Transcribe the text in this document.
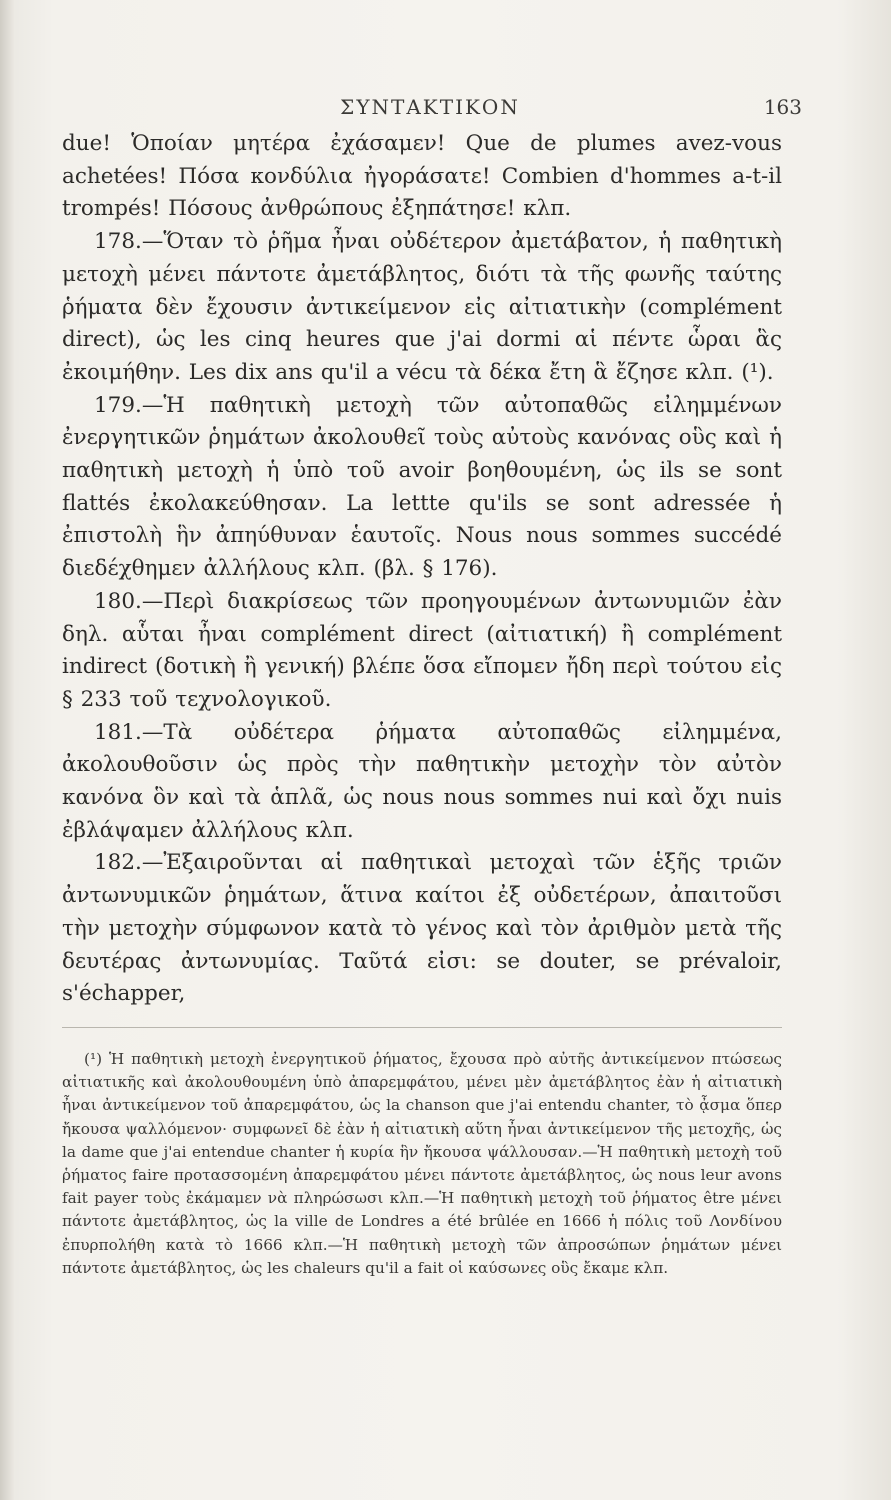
ΣΥΝΤΑΚΤΙΚΟΝ	163

due! Ὁποίαν μητέρα ἐχάσαμεν! Que de plumes avez-vous achetées! Πόσα κονδύλια ἠγοράσατε! Combien d'hommes a-t-il trompés! Πόσους ἀνθρώπους ἐξηπάτησε! κλπ.

178.—Ὅταν τὸ ῥῆμα ἦναι οὐδέτερον ἀμετάβατον, ἡ παθητικὴ μετοχὴ μένει πάντοτε ἀμετάβλητος, διότι τὰ τῆς φωνῆς ταύτης ῥήματα δὲν ἔχουσιν ἀντικείμενον εἰς αἰτιατικὴν (complément direct), ὡς les cinq heures que j'ai dormi αἱ πέντε ὧραι ἃς ἐκοιμήθην. Les dix ans qu'il a vécu τὰ δέκα ἔτη ἃ ἔζησε κλπ. (¹).

179.—Ἡ παθητικὴ μετοχὴ τῶν αὐτοπαθῶς εἰλημμένων ἐνεργητικῶν ῥημάτων ἀκολουθεῖ τοὺς αὐτοὺς κανόνας οὓς καὶ ἡ παθητικὴ μετοχὴ ἡ ὑπὸ τοῦ avoir βοηθουμένη, ὡς ils se sont flattés ἐκολακεύθησαν. La lettte qu'ils se sont adressée ἡ ἐπιστολὴ ἣν ἀπηύθυναν ἑαυτοῖς. Nous nous sommes succédé διεδέχθημεν ἀλλήλους κλπ. (βλ. § 176).

180.—Περὶ διακρίσεως τῶν προηγουμένων ἀντωνυμιῶν ἐὰν δηλ. αὗται ἦναι complément direct (αἰτιατική) ἢ complément indirect (δοτικὴ ἢ γενική) βλέπε ὅσα εἴπομεν ἤδη περὶ τούτου εἰς § 233 τοῦ τεχνολογικοῦ.

181.—Τὰ οὐδέτερα ῥήματα αὐτοπαθῶς εἰλημμένα, ἀκολουθοῦσιν ὡς πρὸς τὴν παθητικὴν μετοχὴν τὸν αὐτὸν κανόνα ὃν καὶ τὰ ἁπλᾶ, ὡς nous nous sommes nui καὶ ὄχι nuis ἐβλάψαμεν ἀλλήλους κλπ.

182.—Ἐξαιροῦνται αἱ παθητικαὶ μετοχαὶ τῶν ἑξῆς τριῶν ἀντωνυμικῶν ῥημάτων, ἅτινα καίτοι ἐξ οὐδετέρων, ἀπαιτοῦσι τὴν μετοχὴν σύμφωνον κατὰ τὸ γένος καὶ τὸν ἀριθμὸν μετὰ τῆς δευτέρας ἀντωνυμίας. Ταῦτά εἰσι: se douter, se prévaloir, s'échapper,

(¹) Ἡ παθητικὴ μετοχὴ ἐνεργητικοῦ ῥήματος, ἔχουσα πρὸ αὐτῆς ἀντικείμενον πτώσεως αἰτιατικῆς καὶ ἀκολουθουμένη ὑπὸ ἀπαρεμφάτου, μένει μὲν ἀμετάβλητος ἐὰν ἡ αἰτιατικὴ ἦναι ἀντικείμενον τοῦ ἀπαρεμφάτου, ὡς la chanson que j'ai entendu chanter, τὸ ᾆσμα ὅπερ ἤκουσα ψαλλόμενον· συμφωνεῖ δὲ ἐὰν ἡ αἰτιατικὴ αὕτη ἦναι ἀντικείμενον τῆς μετοχῆς, ὡς la dame que j'ai entendue chanter ἡ κυρία ἣν ἤκουσα ψάλλουσαν.—Ἡ παθητικὴ μετοχὴ τοῦ ῥήματος faire προτασσομένη ἀπαρεμφάτου μένει πάντοτε ἀμετάβλητος, ὡς nous leur avons fait payer τοὺς ἐκάμαμεν νὰ πληρώσωσι κλπ.—Ἡ παθητικὴ μετοχὴ τοῦ ῥήματος être μένει πάντοτε ἀμετάβλητος, ὡς la ville de Londres a été brûlée en 1666 ἡ πόλις τοῦ Λονδίνου ἐπυρπολήθη κατὰ τὸ 1666 κλπ.—Ἡ παθητικὴ μετοχὴ τῶν ἀπροσώπων ῥημάτων μένει πάντοτε ἀμετάβλητος, ὡς les chaleurs qu'il a fait οἱ καύσωνες οὓς ἔκαμε κλπ.
